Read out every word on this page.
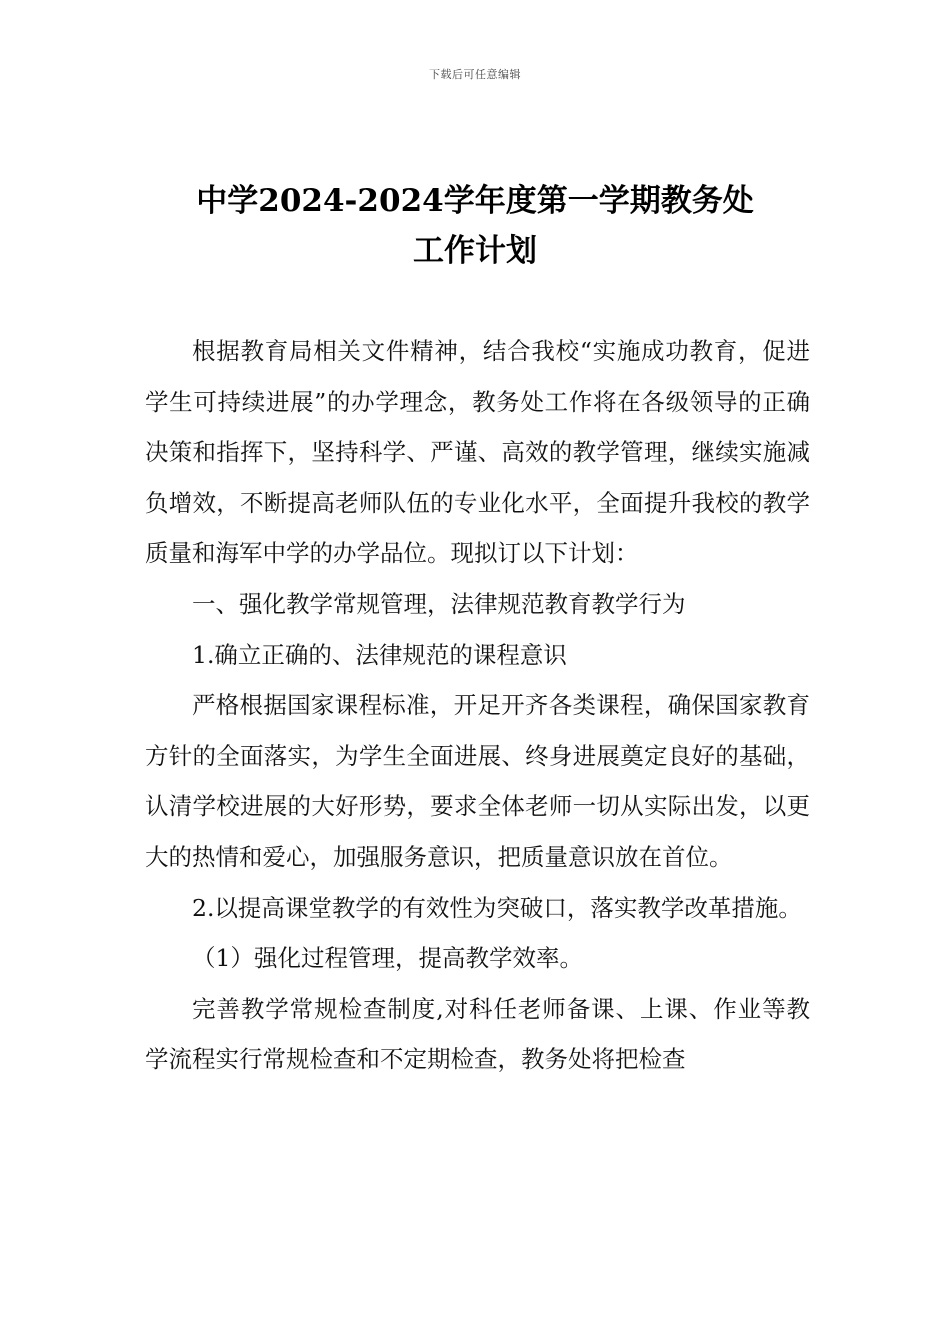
下载后可任意编辑
中学2024-2024学年度第一学期教务处
工作计划

根据教育局相关文件精神，结合我校“实施成功教育，促进学生可持续进展”的办学理念，教务处工作将在各级领导的正确决策和指挥下，坚持科学、严谨、高效的教学管理，继续实施减负增效，不断提高老师队伍的专业化水平，全面提升我校的教学质量和海军中学的办学品位。现拟订以下计划：

一、强化教学常规管理，法律规范教育教学行为

1.确立正确的、法律规范的课程意识

严格根据国家课程标准，开足开齐各类课程，确保国家教育方针的全面落实，为学生全面进展、终身进展奠定良好的基础，认清学校进展的大好形势，要求全体老师一切从实际出发，以更大的热情和爱心，加强服务意识，把质量意识放在首位。

2.以提高课堂教学的有效性为突破口，落实教学改革措施。

（1）强化过程管理，提高教学效率。

完善教学常规检查制度,对科任老师备课、上课、作业等教学流程实行常规检查和不定期检查，教务处将把检查
